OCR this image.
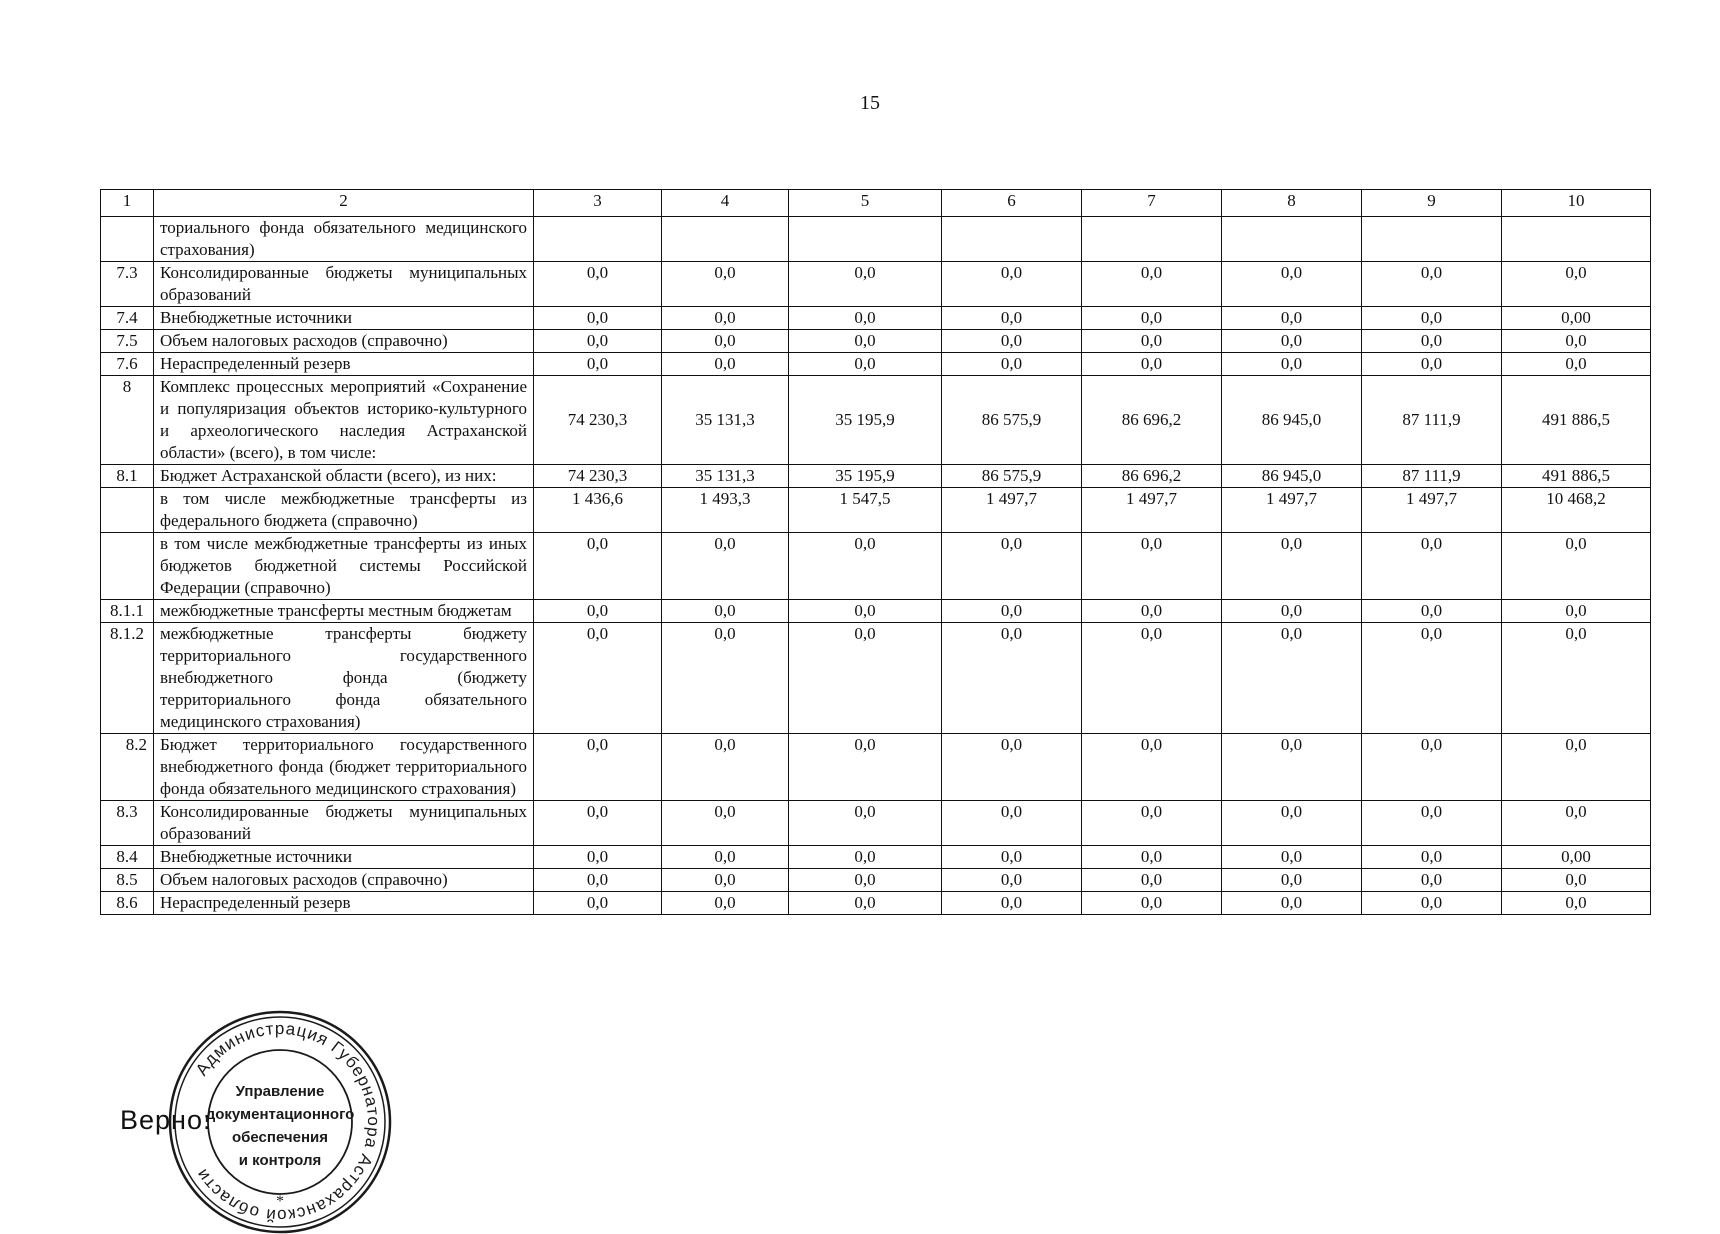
15
1	2	3	4	5	6	7	8	9	10
	ториального фонда обязательного медицинского страхования)								
7.3	Консолидированные бюджеты муниципальных образований	0,0	0,0	0,0	0,0	0,0	0,0	0,0	0,0
7.4	Внебюджетные источники	0,0	0,0	0,0	0,0	0,0	0,0	0,0	0,00
7.5	Объем налоговых расходов (справочно)	0,0	0,0	0,0	0,0	0,0	0,0	0,0	0,0
7.6	Нераспределенный резерв	0,0	0,0	0,0	0,0	0,0	0,0	0,0	0,0
8	Комплекс процессных мероприятий «Сохранение и популяризация объектов историко-культурного и археологического наследия Астраханской области» (всего), в том числе:	74 230,3	35 131,3	35 195,9	86 575,9	86 696,2	86 945,0	87 111,9	491 886,5
8.1	Бюджет Астраханской области (всего), из них:	74 230,3	35 131,3	35 195,9	86 575,9	86 696,2	86 945,0	87 111,9	491 886,5
	в том числе межбюджетные трансферты из федерального бюджета (справочно)	1 436,6	1 493,3	1 547,5	1 497,7	1 497,7	1 497,7	1 497,7	10 468,2
	в том числе межбюджетные трансферты из иных бюджетов бюджетной системы Российской Федерации (справочно)	0,0	0,0	0,0	0,0	0,0	0,0	0,0	0,0
8.1.1	межбюджетные трансферты местным бюджетам	0,0	0,0	0,0	0,0	0,0	0,0	0,0	0,0
8.1.2	межбюджетные трансферты бюджету территориального государственного внебюджетного фонда (бюджету территориального фонда обязательного медицинского страхования)	0,0	0,0	0,0	0,0	0,0	0,0	0,0	0,0
8.2	Бюджет территориального государственного внебюджетного фонда (бюджет территориального фонда обязательного медицинского страхования)	0,0	0,0	0,0	0,0	0,0	0,0	0,0	0,0
8.3	Консолидированные бюджеты муниципальных образований	0,0	0,0	0,0	0,0	0,0	0,0	0,0	0,0
8.4	Внебюджетные источники	0,0	0,0	0,0	0,0	0,0	0,0	0,0	0,00
8.5	Объем налоговых расходов (справочно)	0,0	0,0	0,0	0,0	0,0	0,0	0,0	0,0
8.6	Нераспределенный резерв	0,0	0,0	0,0	0,0	0,0	0,0	0,0	0,0
Администрация Губернатора Астраханской области
*
Управление
документационного
обеспечения
и контроля
Верно:
